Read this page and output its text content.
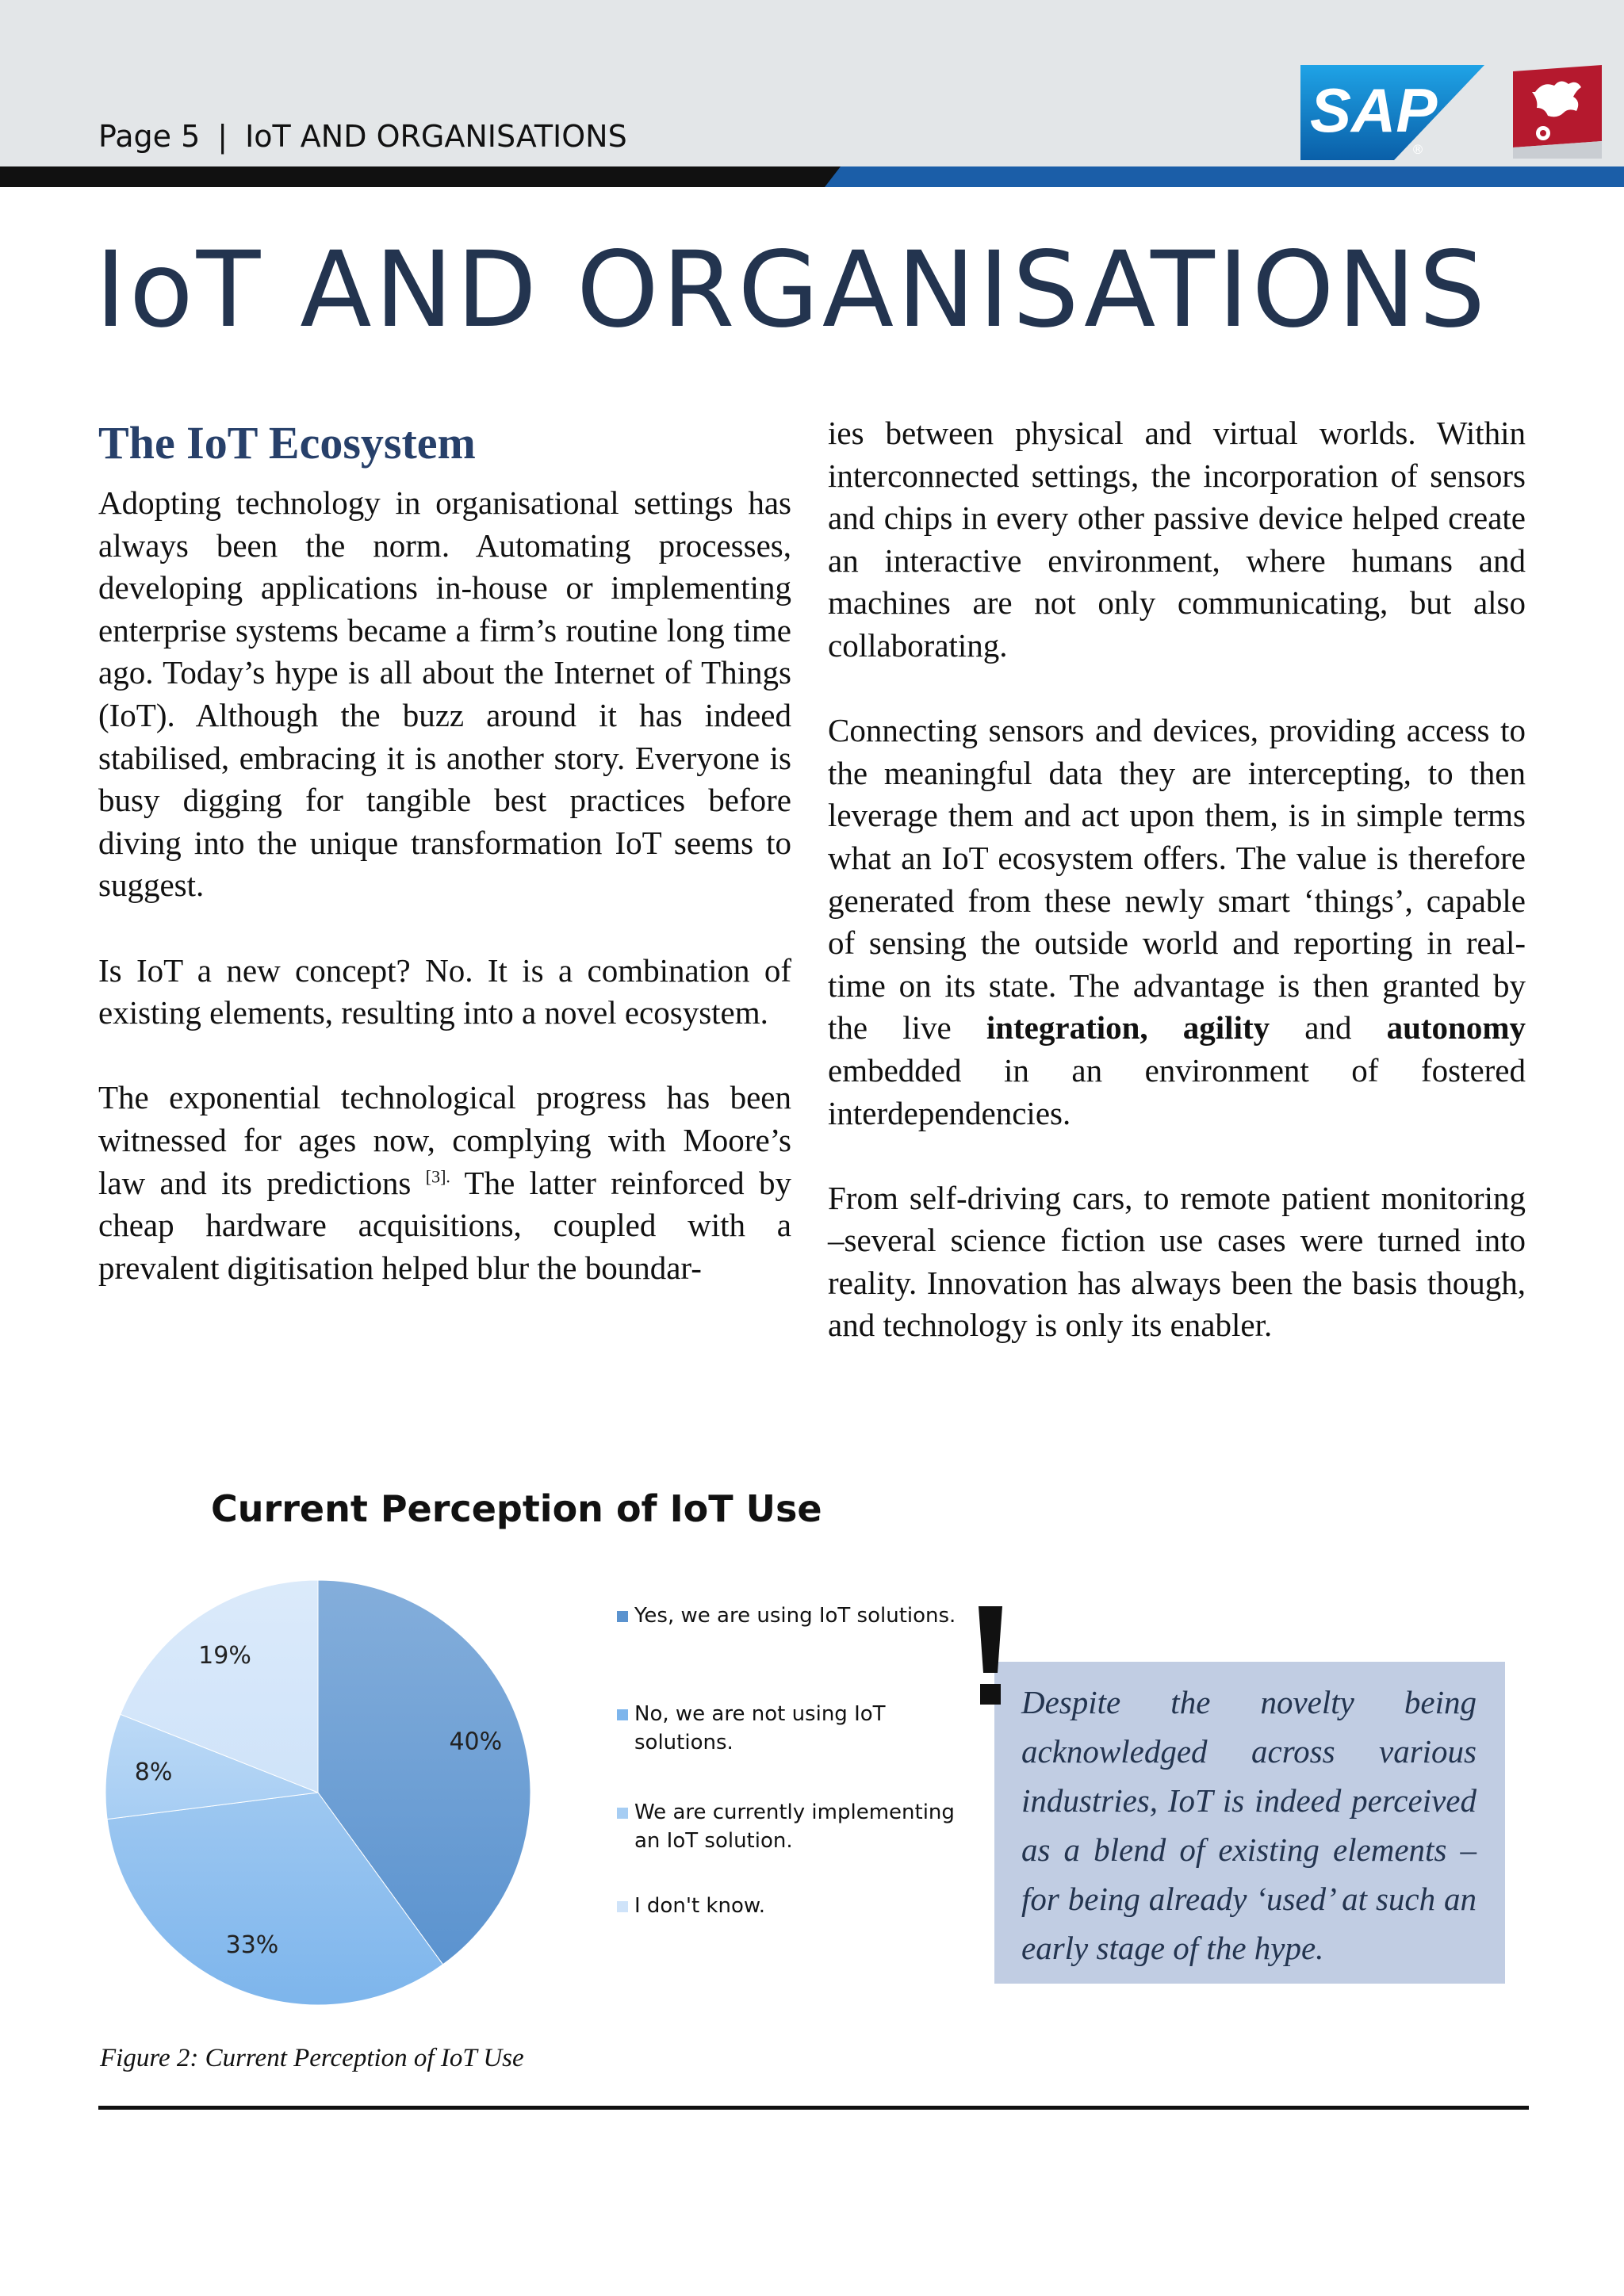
Page 5 | IoT AND ORGANISATIONS	SAP
®
IoT AND ORGANISATIONS
The IoT Ecosystem

Adopting technology in organisational settings has always been the norm. Automating processes, developing applications in-house or implementing enterprise systems became a firm’s routine long time ago. Today’s hype is all about the Internet of Things (IoT). Although the buzz around it has indeed stabilised, embracing it is another story. Everyone is busy digging for tangible best practices before diving into the unique transformation IoT seems to suggest.

Is IoT a new concept? No. It is a combination of existing elements, resulting into a novel ecosystem.

The exponential technological progress has been witnessed for ages now, complying with Moore’s law and its predictions $^{[3].}$ The latter reinforced by cheap hardware acquisitions, coupled with a prevalent digitisation helped blur the boundar-

ies between physical and virtual worlds. Within interconnected settings, the incorporation of sensors and chips in every other passive device helped create an interactive environment, where humans and machines are not only communicating, but also collaborating.

Connecting sensors and devices, providing access to the meaningful data they are intercepting, to then leverage them and act upon them, is in simple terms what an IoT ecosystem offers. The value is therefore generated from these newly smart ‘things’, capable of sensing the outside world and reporting in real-time on its state. The advantage is then granted by the live integration, agility and autonomy embedded in an environment of fostered interdependencies.

From self-driving cars, to remote patient monitoring –several science fiction use cases were turned into reality. Innovation has always been the basis though, and technology is only its enabler.

Current Perception of IoT Use
40%
33%
8%
19%
Yes, we are using IoT solutions.
No, we are not using IoT solutions.
We are currently implementing an IoT solution.
I don't know.
Figure 2: Current Perception of IoT Use

Despite the novelty being acknowledged across various industries, IoT is indeed perceived as a blend of existing elements –for being already ‘used’ at such an early stage of the hype.
